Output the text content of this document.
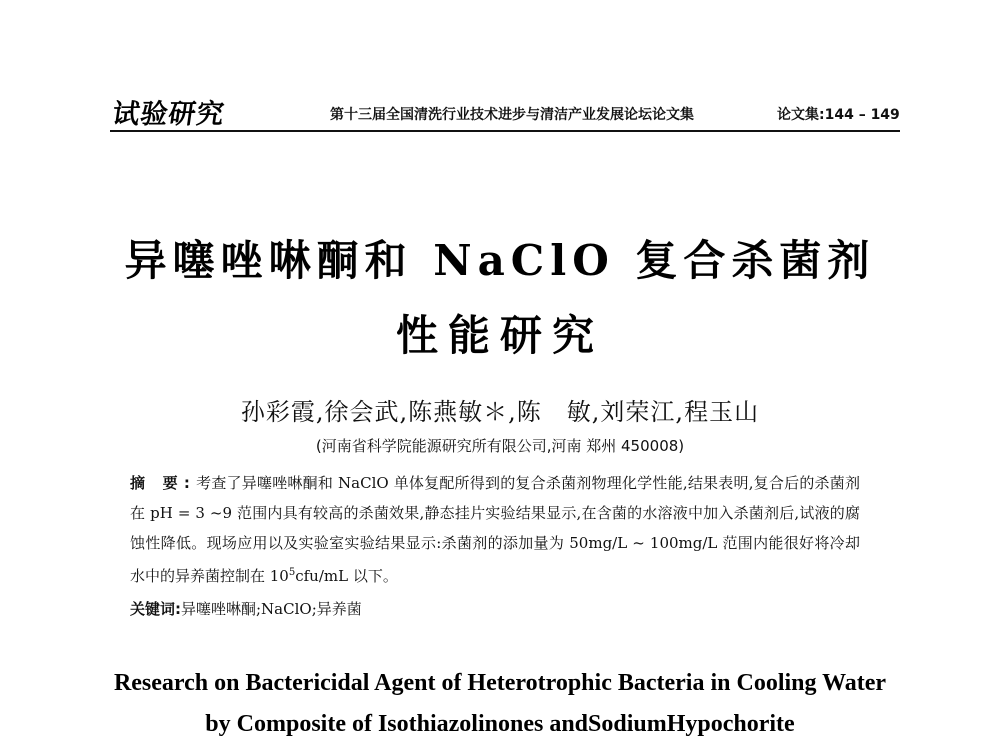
试验研究	第十三届全国清洗行业技术进步与清洁产业发展论坛论文集	论文集:144 – 149
异噻唑啉酮和 NaClO 复合杀菌剂
性能研究
孙彩霞,徐会武,陈燕敏＊,陈　敏,刘荣江,程玉山
(河南省科学院能源研究所有限公司,河南 郑州 450008)
摘 要:考查了异噻唑啉酮和 NaClO 单体复配所得到的复合杀菌剂物理化学性能,结果表明,复合后的杀菌剂在 pH = 3 ~9 范围内具有较高的杀菌效果,静态挂片实验结果显示,在含菌的水溶液中加入杀菌剂后,试液的腐蚀性降低。现场应用以及实验室实验结果显示:杀菌剂的添加量为 50mg/L ~ 100mg/L 范围内能很好将冷却水中的异养菌控制在 $10^5cfu/mL$ 以下。
关键词:异噻唑啉酮;NaClO;异养菌
Research on Bactericidal Agent of Heterotrophic Bacteria in Cooling Water
by Composite of Isothiazolinones andSodiumHypochorite
